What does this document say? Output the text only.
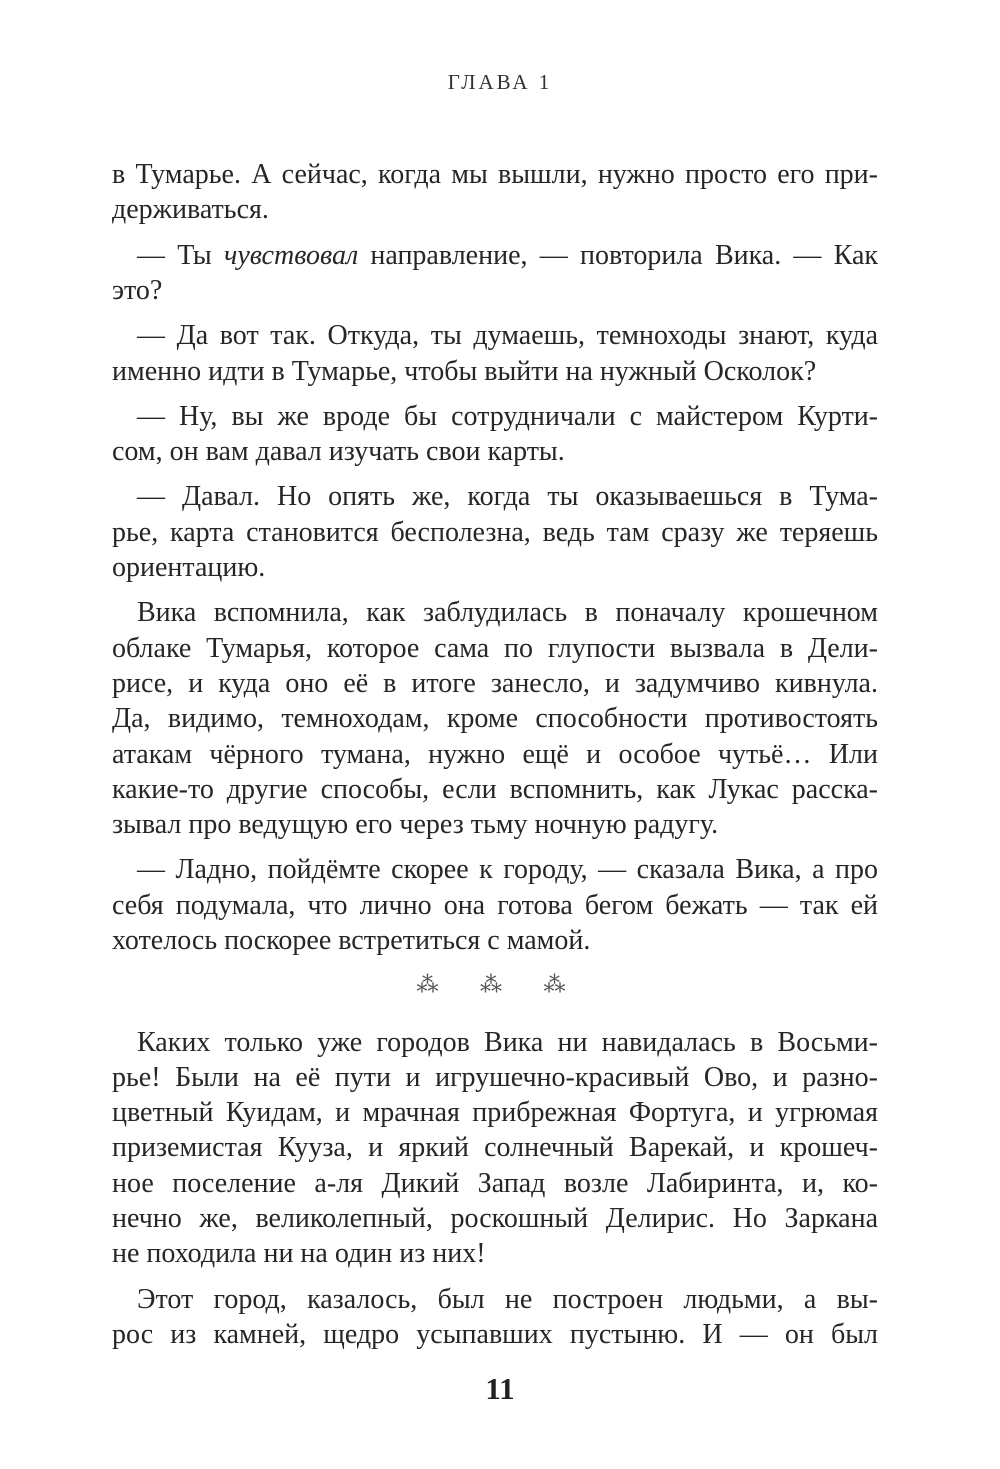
ГЛАВА 1
в Тумарье. А сейчас, когда мы вышли, нужно просто его при-
держиваться.
— Ты чувствовал направление, — повторила Вика. — Как
это?
— Да вот так. Откуда, ты думаешь, темноходы знают, куда
именно идти в Тумарье, чтобы выйти на нужный Осколок?
— Ну, вы же вроде бы сотрудничали с майстером Курти-
сом, он вам давал изучать свои карты.
— Давал. Но опять же, когда ты оказываешься в Тума-
рье, карта становится бесполезна, ведь там сразу же теряешь
ориентацию.
Вика вспомнила, как заблудилась в поначалу крошечном
облаке Тумарья, которое сама по глупости вызвала в Дели-
рисе, и куда оно её в итоге занесло, и задумчиво кивнула.
Да, видимо, темноходам, кроме способности противостоять
атакам чёрного тумана, нужно ещё и особое чутьё… Или
какие-то другие способы, если вспомнить, как Лукас расска-
зывал про ведущую его через тьму ночную радугу.
— Ладно, пойдёмте скорее к городу, — сказала Вика, а про
себя подумала, что лично она готова бегом бежать — так ей
хотелось поскорее встретиться с мамой.
⁂ ⁂ ⁂
Каких только уже городов Вика ни навидалась в Восьми-
рье! Были на её пути и игрушечно-красивый Ово, и разно-
цветный Куидам, и мрачная прибрежная Фортуга, и угрюмая
приземистая Кууза, и яркий солнечный Варекай, и крошеч-
ное поселение а-ля Дикий Запад возле Лабиринта, и, ко-
нечно же, великолепный, роскошный Делирис. Но Заркана
не походила ни на один из них!
Этот город, казалось, был не построен людьми, а вы-
рос из камней, щедро усыпавших пустыню. И — он был
11
